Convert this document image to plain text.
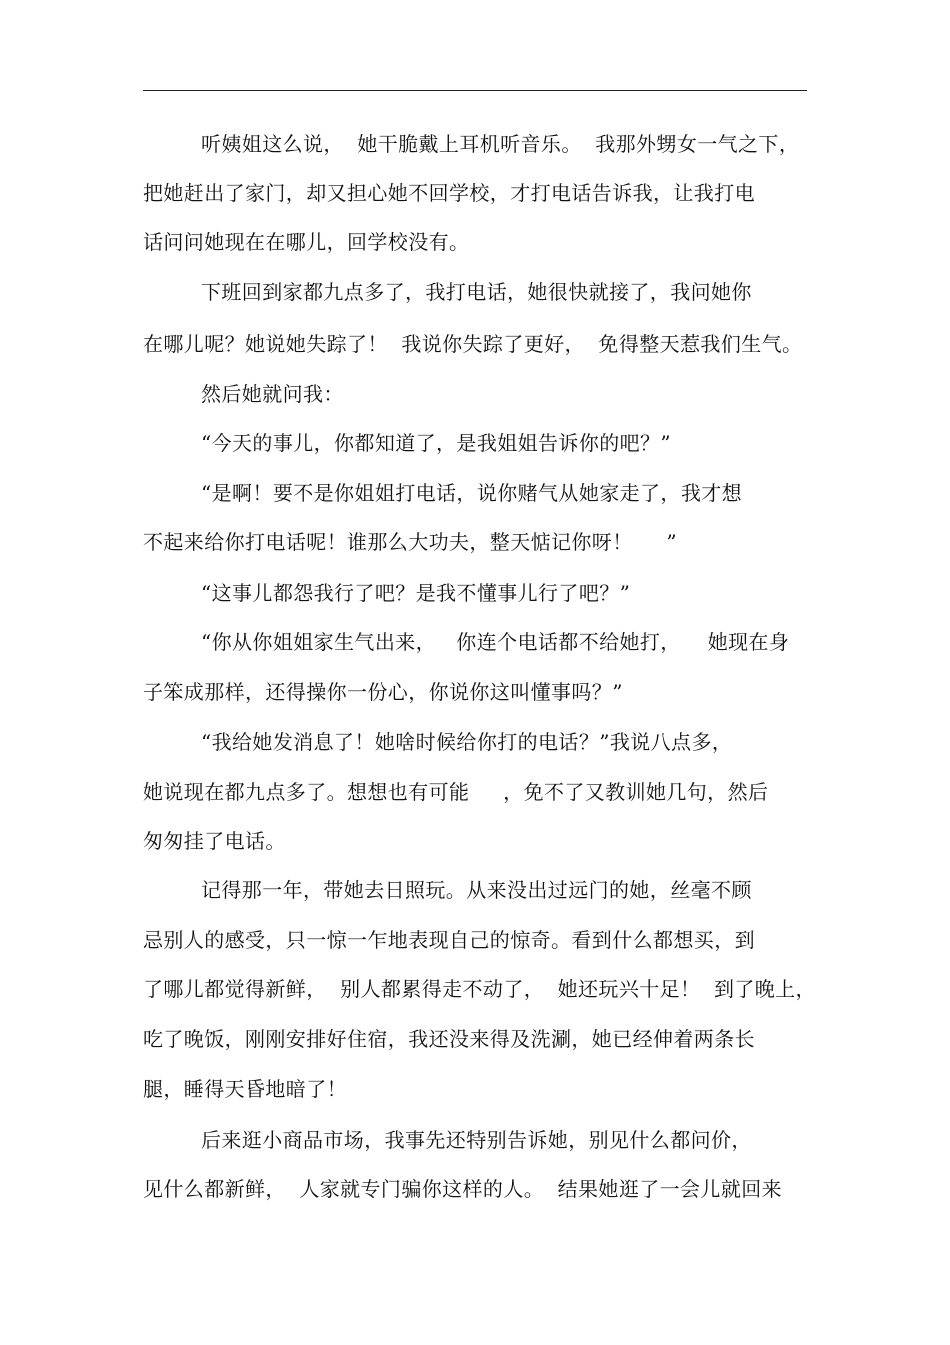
听姨姐这么说，  她干脆戴上耳机听音乐。  我那外甥女一气之下，
把她赶出了家门，却又担心她不回学校，才打电话告诉我，让我打电
话问问她现在在哪儿，回学校没有。
下班回到家都九点多了，我打电话，她很快就接了，我问她你
在哪儿呢？她说她失踪了！  我说你失踪了更好，  免得整天惹我们生气。
然后她就问我：
“今天的事儿，你都知道了，是我姐姐告诉你的吧？”
“是啊！要不是你姐姐打电话，说你赌气从她家走了，我才想
不起来给你打电话呢！谁那么大功夫，整天惦记你呀！     ”
“这事儿都怨我行了吧？是我不懂事儿行了吧？”
“你从你姐姐家生气出来，   你连个电话都不给她打，    她现在身
子笨成那样，还得操你一份心，你说你这叫懂事吗？”
“我给她发消息了！她啥时候给你打的电话？”我说八点多，
她说现在都九点多了。想想也有可能     ，免不了又教训她几句，然后
匆匆挂了电话。
记得那一年，带她去日照玩。从来没出过远门的她，丝毫不顾
忌别人的感受，只一惊一乍地表现自己的惊奇。看到什么都想买，到
了哪儿都觉得新鲜，  别人都累得走不动了，  她还玩兴十足！  到了晚上，
吃了晚饭，刚刚安排好住宿，我还没来得及洗涮，她已经伸着两条长
腿，睡得天昏地暗了！
后来逛小商品市场，我事先还特别告诉她，别见什么都问价，
见什么都新鲜，  人家就专门骗你这样的人。  结果她逛了一会儿就回来
